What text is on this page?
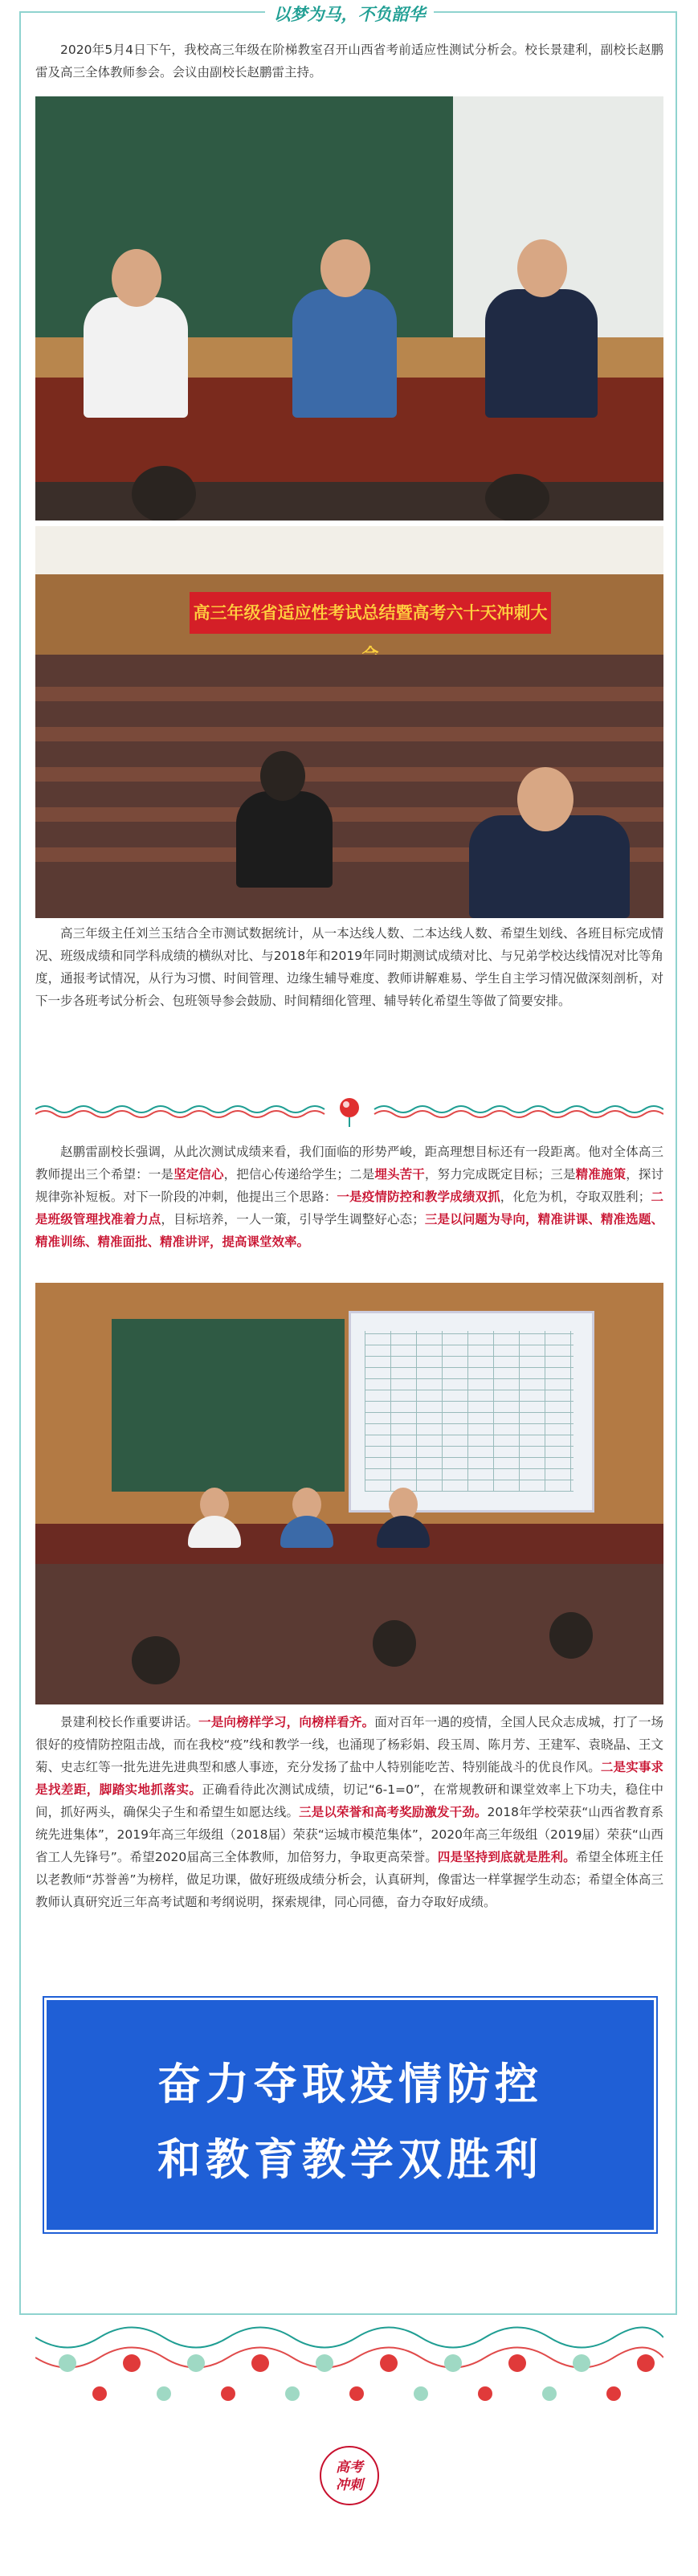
以梦为马，不负韶华
2020年5月4日下午，我校高三年级在阶梯教室召开山西省考前适应性测试分析会。校长景建利，副校长赵鹏雷及高三全体教师参会。会议由副校长赵鹏雷主持。
高三年级省适应性考试总结暨高考六十天冲刺大
高三年级主任刘兰玉结合全市测试数据统计，从一本达线人数、二本达线人数、希望生划线、各班目标完成情况、班级成绩和同学科成绩的横纵对比、与2018年和2019年同时期测试成绩对比、与兄弟学校达线情况对比等角度，通报考试情况，从行为习惯、时间管理、边缘生辅导难度、教师讲解难易、学生自主学习情况做深刻剖析，对下一步各班考试分析会、包班领导参会鼓励、时间精细化管理、辅导转化希望生等做了简要安排。
赵鹏雷副校长强调，从此次测试成绩来看，我们面临的形势严峻，距高理想目标还有一段距离。他对全体高三教师提出三个希望：一是坚定信心，把信心传递给学生；二是埋头苦干，努力完成既定目标；三是精准施策，探讨规律弥补短板。对下一阶段的冲刺，他提出三个思路：一是疫情防控和教学成绩双抓，化危为机，夺取双胜利；二是班级管理找准着力点，目标培养，一人一策，引导学生调整好心态；三是以问题为导向，精准讲课、精准选题、精准训练、精准面批、精准讲评，提高课堂效率。
景建利校长作重要讲话。一是向榜样学习，向榜样看齐。面对百年一遇的疫情，全国人民众志成城，打了一场很好的疫情防控阻击战，而在我校“疫”线和教学一线，也涌现了杨彩娟、段玉周、陈月芳、王建军、袁晓晶、王文菊、史志红等一批先进先进典型和感人事迹，充分发扬了盐中人特别能吃苦、特别能战斗的优良作风。二是实事求是找差距，脚踏实地抓落实。正确看待此次测试成绩，切记“6-1=0”，在常规教研和课堂效率上下功夫，稳住中间，抓好两头，确保尖子生和希望生如愿达线。三是以荣誉和高考奖励激发干劲。2018年学校荣获“山西省教育系统先进集体”，2019年高三年级组（2018届）荣获“运城市模范集体”，2020年高三年级组（2019届）荣获“山西省工人先锋号”。希望2020届高三全体教师，加倍努力，争取更高荣誉。四是坚持到底就是胜利。希望全体班主任以老教师“苏誉善”为榜样，做足功课，做好班级成绩分析会，认真研判，像雷达一样掌握学生动态；希望全体高三教师认真研究近三年高考试题和考纲说明，探索规律，同心同德，奋力夺取好成绩。
奋力夺取疫情防控
和教育教学双胜利
高考
冲刺
